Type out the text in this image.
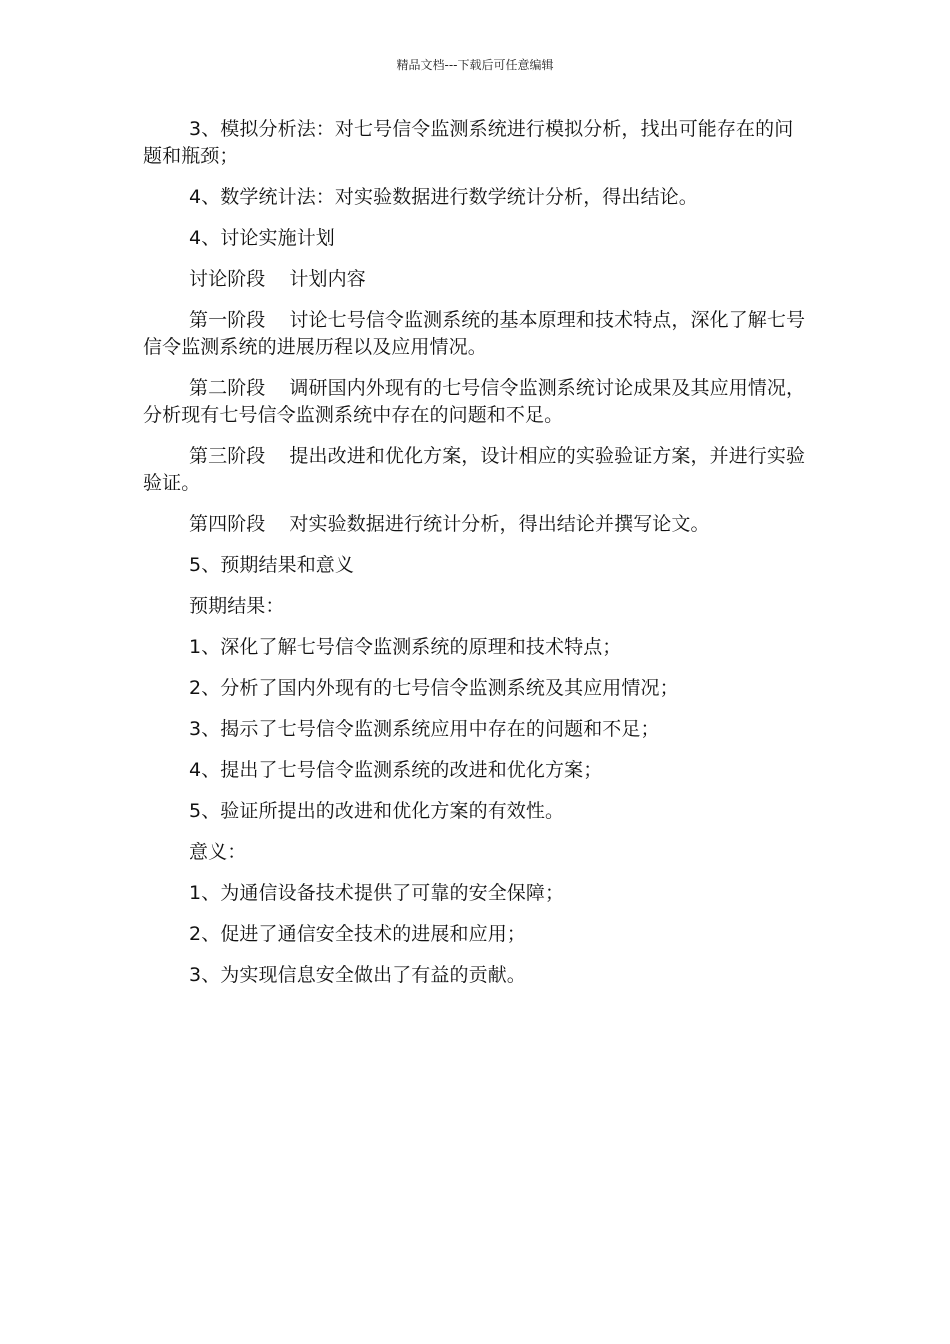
精品文档---下载后可任意编辑

3、模拟分析法：对七号信令监测系统进行模拟分析，找出可能存在的问题和瓶颈；

4、数学统计法：对实验数据进行数学统计分析，得出结论。

4、讨论实施计划

讨论阶段 计划内容

第一阶段 讨论七号信令监测系统的基本原理和技术特点，深化了解七号信令监测系统的进展历程以及应用情况。

第二阶段 调研国内外现有的七号信令监测系统讨论成果及其应用情况，分析现有七号信令监测系统中存在的问题和不足。

第三阶段 提出改进和优化方案，设计相应的实验验证方案，并进行实验验证。

第四阶段 对实验数据进行统计分析，得出结论并撰写论文。

5、预期结果和意义

预期结果：

1、深化了解七号信令监测系统的原理和技术特点；

2、分析了国内外现有的七号信令监测系统及其应用情况；

3、揭示了七号信令监测系统应用中存在的问题和不足；

4、提出了七号信令监测系统的改进和优化方案；

5、验证所提出的改进和优化方案的有效性。

意义：

1、为通信设备技术提供了可靠的安全保障；

2、促进了通信安全技术的进展和应用；

3、为实现信息安全做出了有益的贡献。
